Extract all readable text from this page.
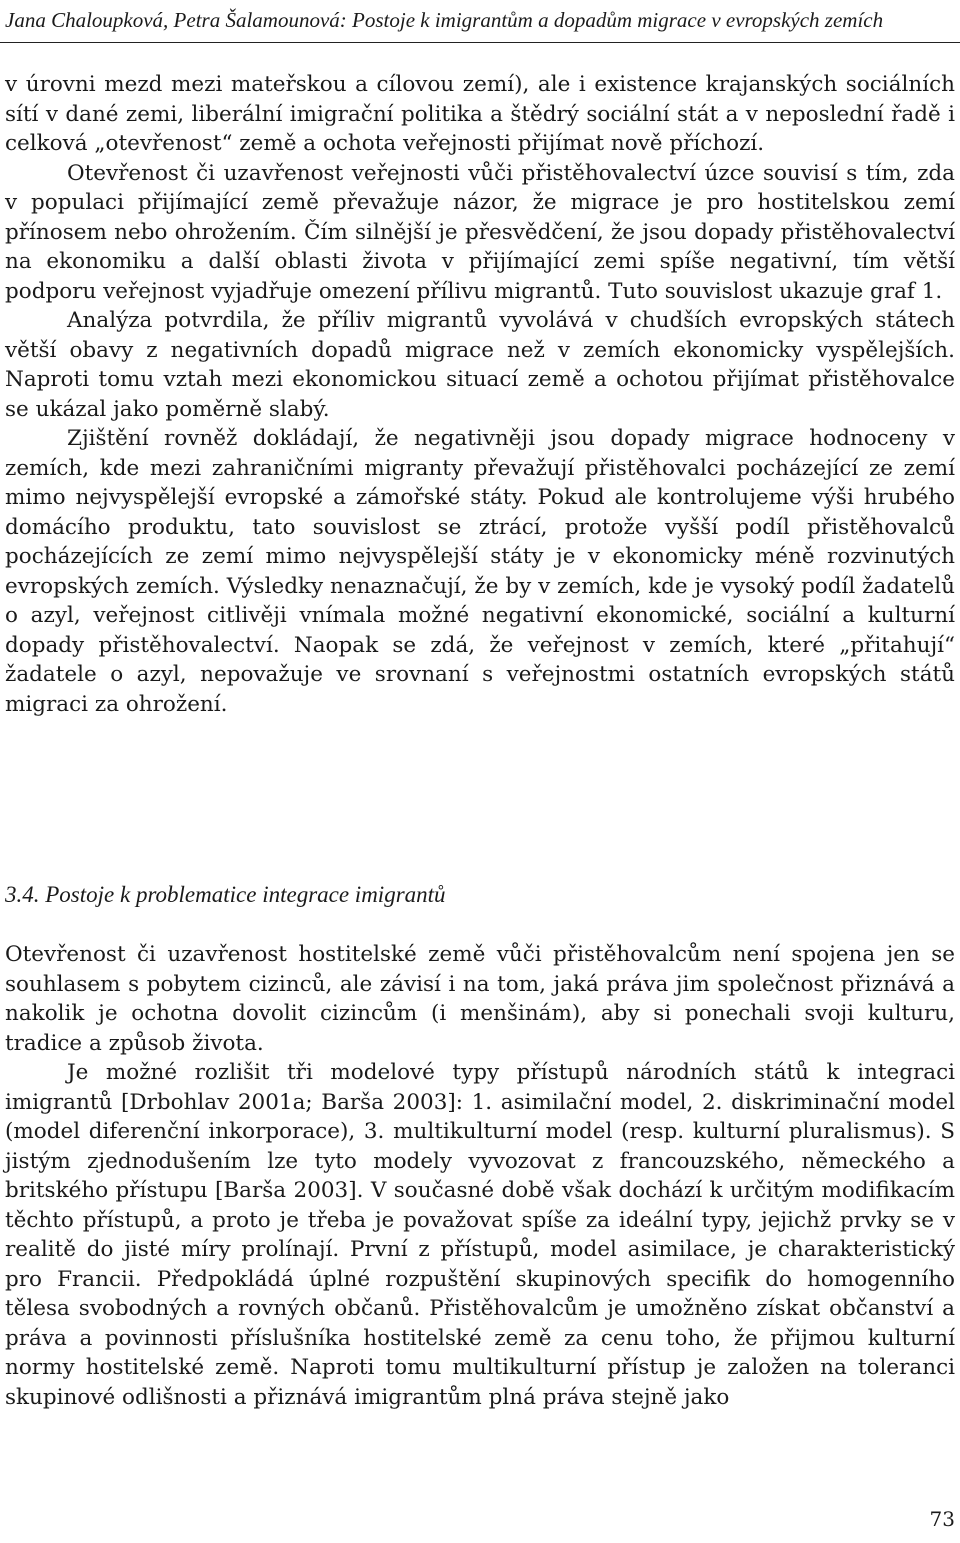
Jana Chaloupková, Petra Šalamounová: Postoje k imigrantům a dopadům migrace v evropských zemích

v úrovni mezd mezi mateřskou a cílovou zemí), ale i existence krajanských sociálních sítí v dané zemi, liberální imigrační politika a štědrý sociální stát a v neposlední řadě i celková „otevřenost“ země a ochota veřejnosti přijímat nově příchozí.

Otevřenost či uzavřenost veřejnosti vůči přistěhovalectví úzce souvisí s tím, zda v populaci přijímající země převažuje názor, že migrace je pro hostitelskou zemí přínosem nebo ohrožením. Čím silnější je přesvědčení, že jsou dopady přistěhovalectví na ekonomiku a další oblasti života v přijímající zemi spíše negativní, tím větší podporu veřejnost vyjadřuje omezení přílivu migrantů. Tuto souvislost ukazuje graf 1.

Analýza potvrdila, že příliv migrantů vyvolává v chudších evropských státech větší obavy z negativních dopadů migrace než v zemích ekonomicky vyspělejších. Naproti tomu vztah mezi ekonomickou situací země a ochotou přijímat přistěhovalce se ukázal jako poměrně slabý.

Zjištění rovněž dokládají, že negativněji jsou dopady migrace hodnoceny v zemích, kde mezi zahraničními migranty převažují přistěhovalci pocházející ze zemí mimo nejvyspělejší evropské a zámořské státy. Pokud ale kontrolujeme výši hrubého domácího produktu, tato souvislost se ztrácí, protože vyšší podíl přistěhovalců pocházejících ze zemí mimo nejvyspělejší státy je v ekonomicky méně rozvinutých evropských zemích. Výsledky nenaznačují, že by v zemích, kde je vysoký podíl žadatelů o azyl, veřejnost citlivěji vnímala možné negativní ekonomické, sociální a kulturní dopady přistěhovalectví. Naopak se zdá, že veřejnost v zemích, které „přitahují“ žadatele o azyl, nepovažuje ve srovnaní s veřejnostmi ostatních evropských států migraci za ohrožení.

3.4. Postoje k problematice integrace imigrantů

Otevřenost či uzavřenost hostitelské země vůči přistěhovalcům není spojena jen se souhlasem s pobytem cizinců, ale závisí i na tom, jaká práva jim společnost přiznává a nakolik je ochotna dovolit cizincům (i menšinám), aby si ponechali svoji kulturu, tradice a způsob života.

Je možné rozlišit tři modelové typy přístupů národních států k integraci imigrantů [Drbohlav 2001a; Barša 2003]: 1. asimilační model, 2. diskriminační model (model diferenční inkorporace), 3. multikulturní model (resp. kulturní pluralismus). S jistým zjednodušením lze tyto modely vyvozovat z francouzského, německého a britského přístupu [Barša 2003]. V současné době však dochází k určitým modifikacím těchto přístupů, a proto je třeba je považovat spíše za ideální typy, jejichž prvky se v realitě do jisté míry prolínají. První z přístupů, model asimilace, je charakteristický pro Francii. Předpokládá úplné rozpuštění skupinových specifik do homogenního tělesa svobodných a rovných občanů. Přistěhovalcům je umožněno získat občanství a práva a povinnosti příslušníka hostitelské země za cenu toho, že přijmou kulturní normy hostitelské země. Naproti tomu multikulturní přístup je založen na toleranci skupinové odlišnosti a přiznává imigrantům plná práva stejně jako

73
